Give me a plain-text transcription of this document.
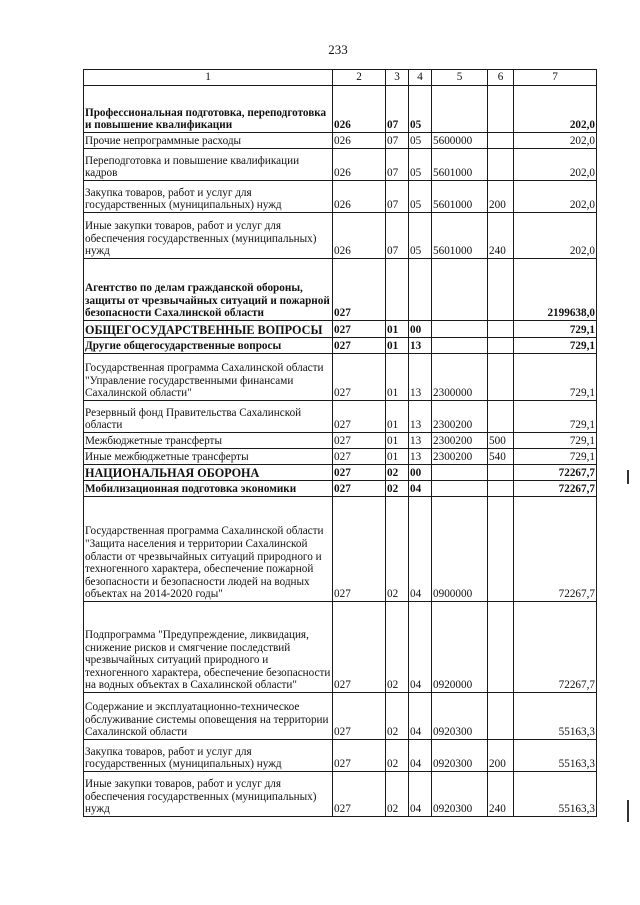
233
1	2	3	4	5	6	7
Профессиональная подготовка, переподготовка и повышение квалификации	026	07	05			202,0
Прочие непрограммные расходы	026	07	05	5600000		202,0
Переподготовка и повышение квалификации кадров	026	07	05	5601000		202,0
Закупка товаров, работ и услуг для государственных (муниципальных) нужд	026	07	05	5601000	200	202,0
Иные закупки товаров, работ и услуг для обеспечения государственных (муниципальных) нужд	026	07	05	5601000	240	202,0
Агентство по делам гражданской обороны, защиты от чрезвычайных ситуаций и пожарной безопасности Сахалинской области	027					2199638,0
ОБЩЕГОСУДАРСТВЕННЫЕ ВОПРОСЫ	027	01	00			729,1
Другие общегосударственные вопросы	027	01	13			729,1
Государственная программа Сахалинской области "Управление государственными финансами Сахалинской области"	027	01	13	2300000		729,1
Резервный фонд Правительства Сахалинской области	027	01	13	2300200		729,1
Межбюджетные трансферты	027	01	13	2300200	500	729,1
Иные межбюджетные трансферты	027	01	13	2300200	540	729,1
НАЦИОНАЛЬНАЯ ОБОРОНА	027	02	00			72267,7
Мобилизационная подготовка экономики	027	02	04			72267,7
Государственная программа Сахалинской области "Защита населения и территории Сахалинской области от чрезвычайных ситуаций природного и техногенного характера, обеспечение пожарной безопасности и безопасности людей на водных объектах на 2014-2020 годы"	027	02	04	0900000		72267,7
Подпрограмма "Предупреждение, ликвидация, снижение рисков и смягчение последствий чрезвычайных ситуаций природного и техногенного характера, обеспечение безопасности на водных объектах в Сахалинской области"	027	02	04	0920000		72267,7
Содержание и эксплуатационно-техническое обслуживание системы оповещения на территории Сахалинской области	027	02	04	0920300		55163,3
Закупка товаров, работ и услуг для государственных (муниципальных) нужд	027	02	04	0920300	200	55163,3
Иные закупки товаров, работ и услуг для обеспечения государственных (муниципальных) нужд	027	02	04	0920300	240	55163,3
